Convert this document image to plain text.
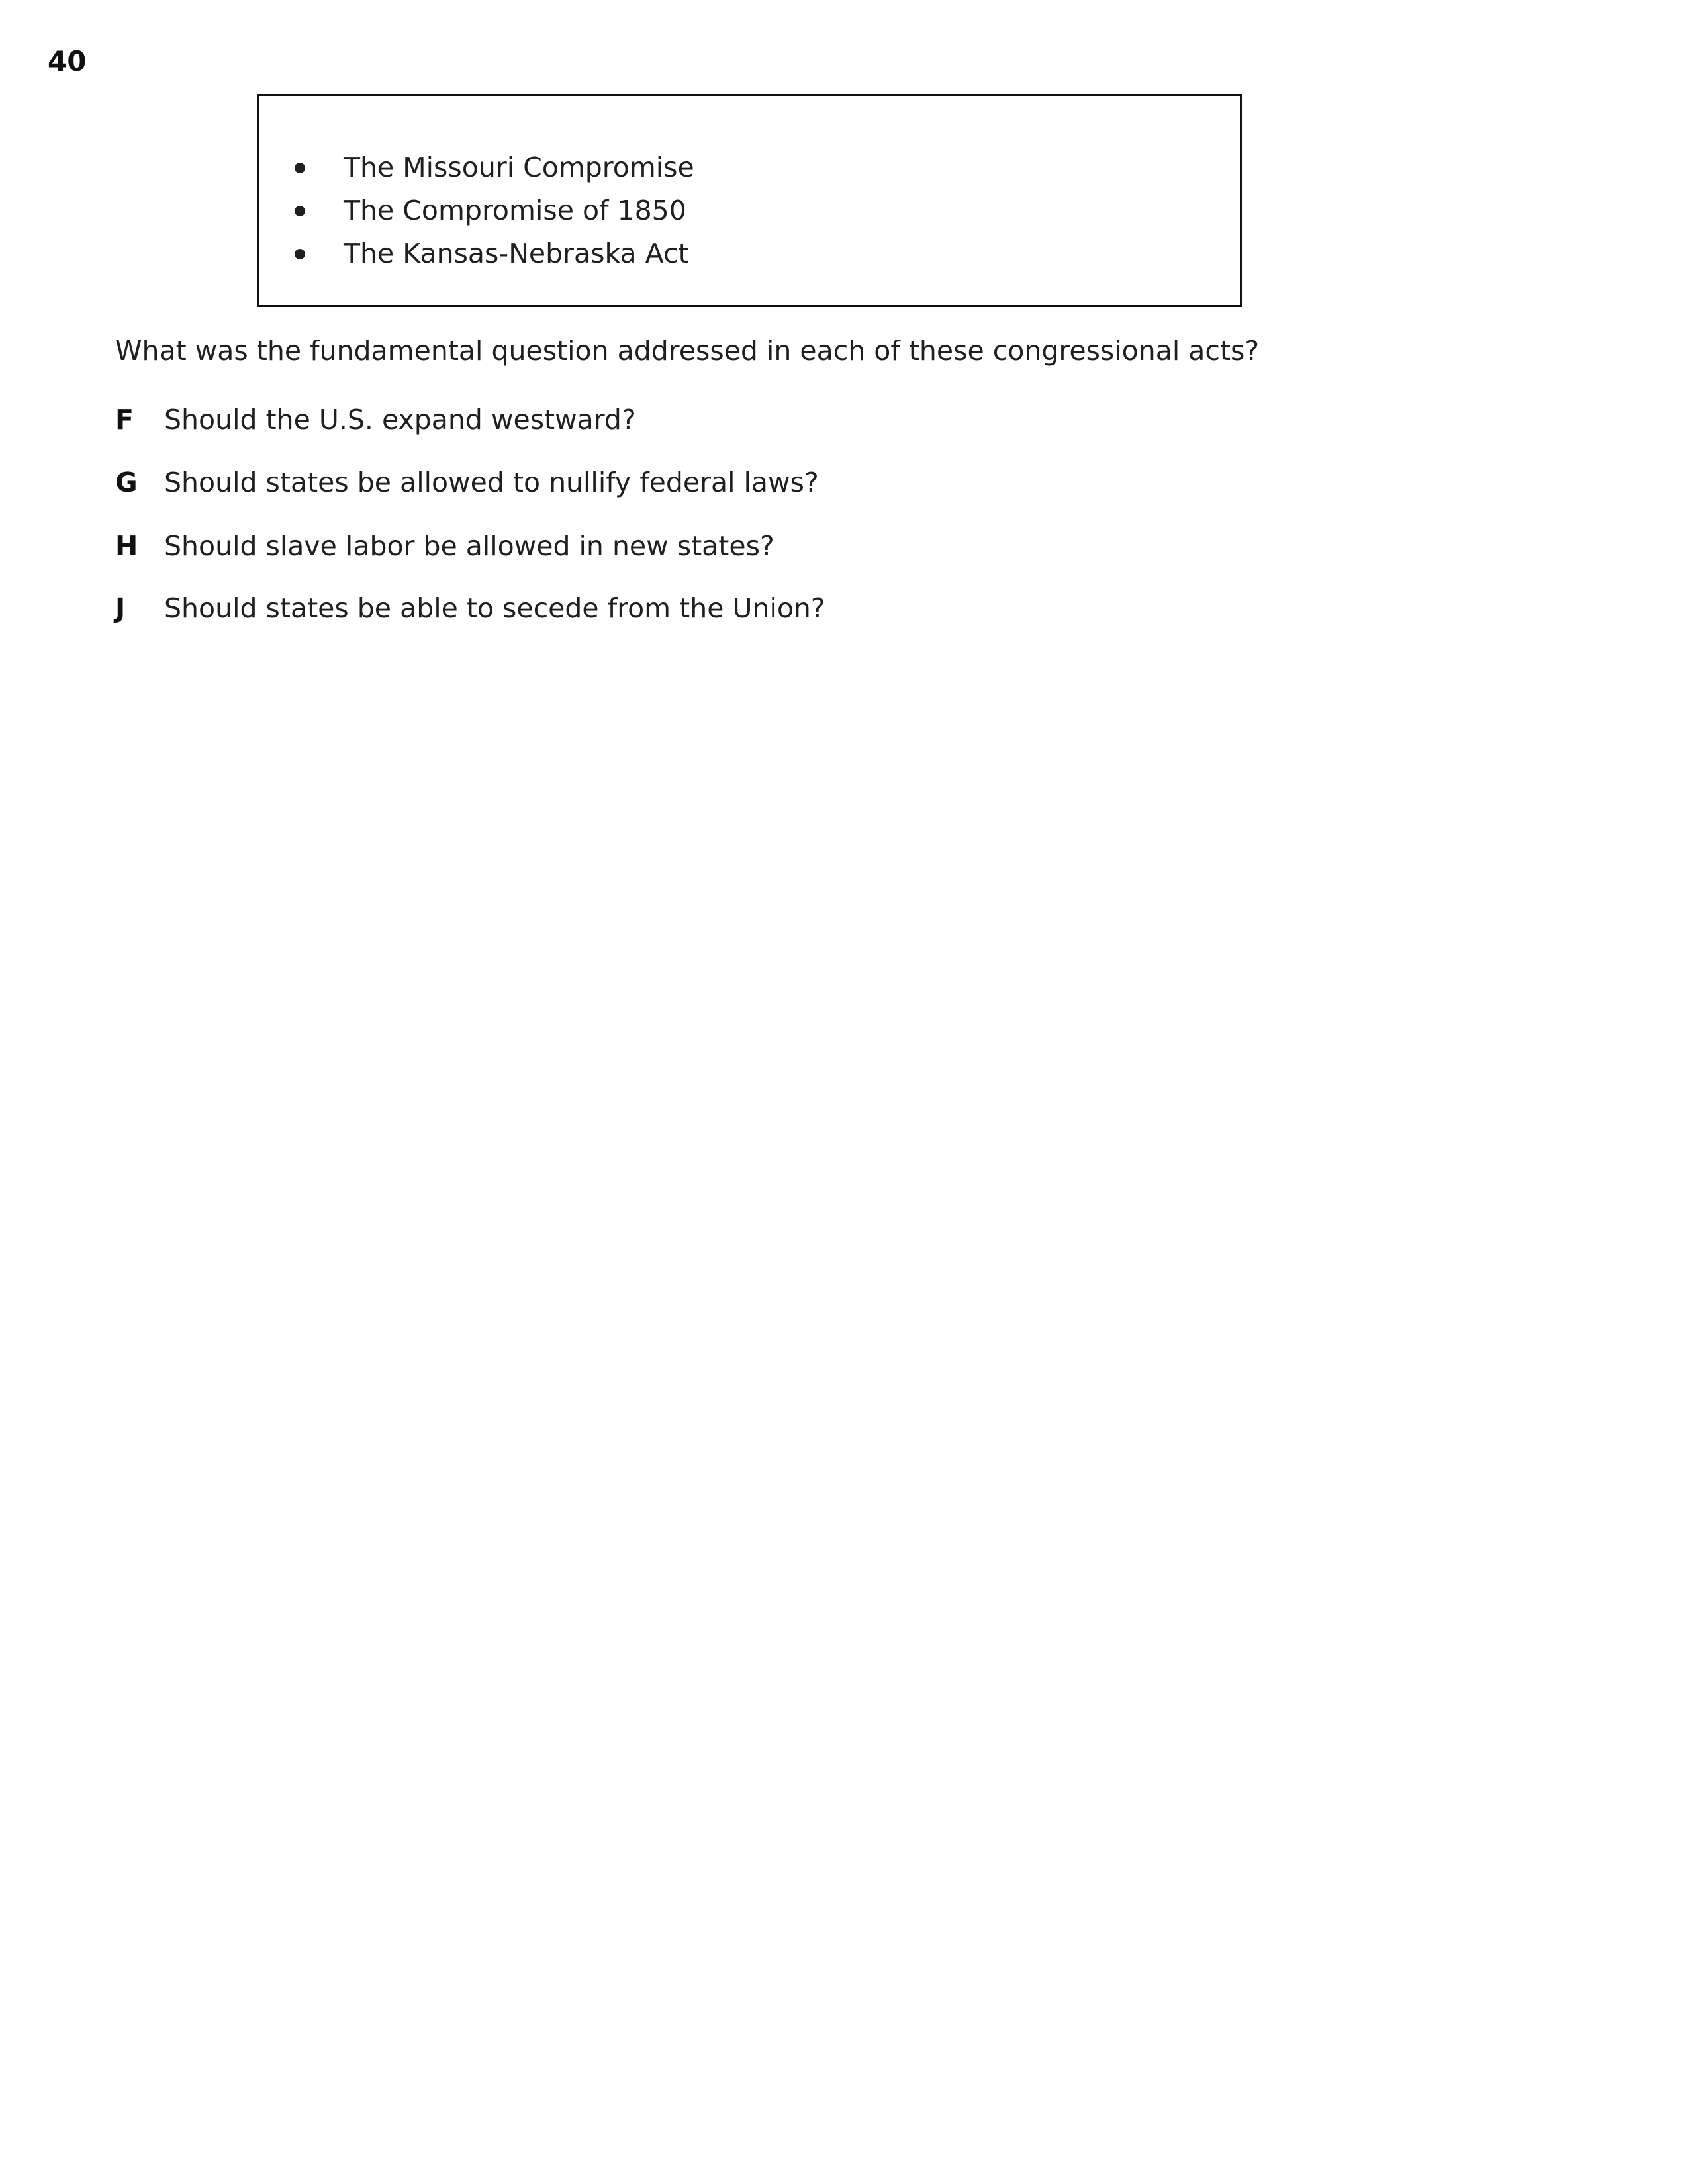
40
The Missouri Compromise
The Compromise of 1850
The Kansas-Nebraska Act
What was the fundamental question addressed in each of these congressional acts?
F	Should the U.S. expand westward?
G Should states be allowed to nullify federal laws?
H Should slave labor be allowed in new states?
J	Should states be able to secede from the Union?
